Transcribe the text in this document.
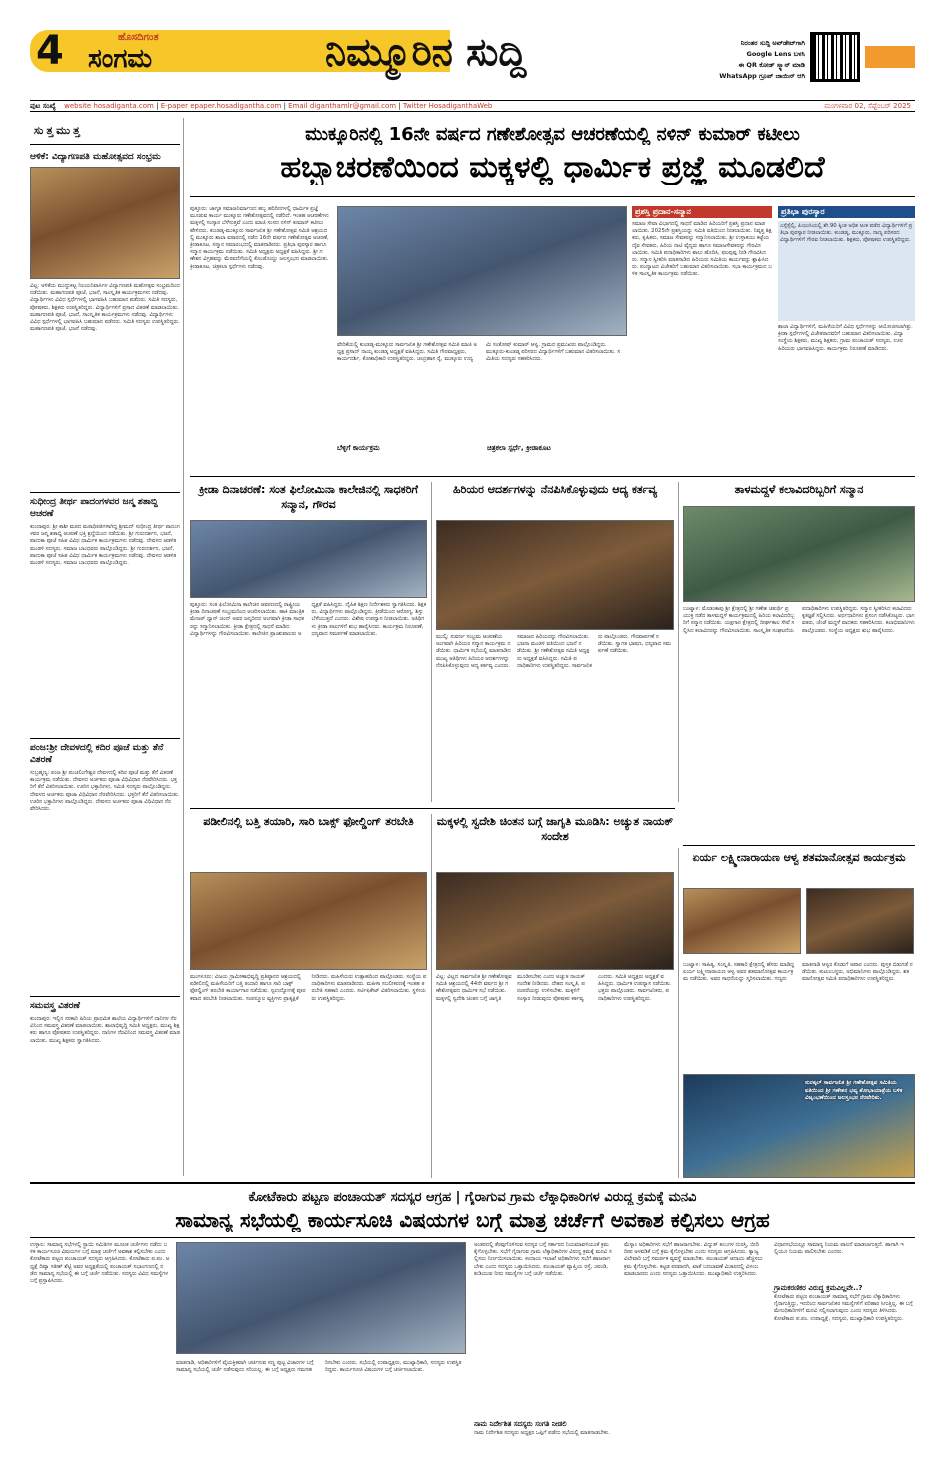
4	ಹೊಸದಿಗಂತ
ಸಂಗಮ	ನಿಮ್ಮೂರಿನ ಸುದ್ದಿ	ನಿರಂತರ ಸುದ್ದಿ ಅಪ್‌ಡೇಟ್‌ಗಾಗಿ
Google Lens ಬಳಸಿ
ಈ QR ಕೋಡ್ ಸ್ಕ್ಯಾನ್ ಮಾಡಿ
WhatsApp ಗ್ರೂಪ್ ಜಾಯಿನ್ ಆಗಿ
ಪುಟ ಸಂಖ್ಯೆ website hosadiganta.com | E-paper epaper.hosadigantha.com | Email diganthamlr@gmail.com | Twitter HosadiganthaWeb	ಮಂಗಳವಾರ 02, ಸೆಪ್ಟೆಂಬರ್ 2025
ಸುತ್ತಮುತ್ತ
ಆಳಿಕೆ: ವಿದ್ಯಾಗಣಪತಿ ಮಹೋತ್ಸವದ ಸಂಭ್ರಮ
ವಿಟ್ಲ: ಅಳಿಕೆಯ ಮುದ್ದುಕಟ್ಟ ನಿಲಯನಿವಾಸಿಗಳ ವಿದ್ಯಾಗಣಪತಿ ಮಹೋತ್ಸವ ಸಂಭ್ರಮದಿಂದ ನಡೆಯಿತು. ಮಹಾಗಣಪತಿ ಪೂಜೆ, ಭಜನೆ, ಸಾಂಸ್ಕೃತಿಕ ಕಾರ್ಯಕ್ರಮಗಳು ನಡೆದವು. ವಿದ್ಯಾರ್ಥಿಗಳು ವಿವಿಧ ಸ್ಪರ್ಧೆಗಳಲ್ಲಿ ಭಾಗವಹಿಸಿ ಬಹುಮಾನ ಪಡೆದರು. ಸಮಿತಿ ಸದಸ್ಯರು, ಪೋಷಕರು, ಶಿಕ್ಷಕರು ಉಪಸ್ಥಿತರಿದ್ದರು. ವಿದ್ಯಾರ್ಥಿಗಳಿಗೆ ಪ್ರಸಾದ ವಿತರಣೆ ಮಾಡಲಾಯಿತು. ಮಹಾಗಣಪತಿ ಪೂಜೆ, ಭಜನೆ, ಸಾಂಸ್ಕೃತಿಕ ಕಾರ್ಯಕ್ರಮಗಳು ನಡೆದವು. ವಿದ್ಯಾರ್ಥಿಗಳು ವಿವಿಧ ಸ್ಪರ್ಧೆಗಳಲ್ಲಿ ಭಾಗವಹಿಸಿ ಬಹುಮಾನ ಪಡೆದರು. ಸಮಿತಿ ಸದಸ್ಯರು ಉಪಸ್ಥಿತರಿದ್ದರು. ಮಹಾಗಣಪತಿ ಪೂಜೆ, ಭಜನೆ ನಡೆದವು.
ಸುಧೀಂದ್ರ ತೀರ್ಥ ಪಾದಂಗಳವರ ಜನ್ಮ ಶತಾಬ್ದಿ ಆಚರಣೆ
ಕುಂದಾಪುರ: ಶ್ರೀ ಕಾಶೀ ಮಠದ ಮಠಾಧಿಪತಿಗಳಾಗಿದ್ದ ಶ್ರೀಮದ್ ಸುಧೀಂದ್ರ ತೀರ್ಥ ಪಾದಂಗಳವರ ಜನ್ಮ ಶತಾಬ್ದಿ ಆಚರಣೆ ಭಕ್ತಿ ಶ್ರದ್ಧೆಯಿಂದ ನಡೆಯಿತು. ಶ್ರೀ ಗುರುದರ್ಶನ, ಭಜನೆ, ಪಾದುಕಾ ಪೂಜೆ ಸಹಿತ ವಿವಿಧ ಧಾರ್ಮಿಕ ಕಾರ್ಯಕ್ರಮಗಳು ನಡೆದವು. ದೇವಳದ ಆಡಳಿತ ಮಂಡಳಿ ಸದಸ್ಯರು, ಸಮಾಜ ಬಾಂಧವರು ಪಾಲ್ಗೊಂಡಿದ್ದರು. ಶ್ರೀ ಗುರುದರ್ಶನ, ಭಜನೆ, ಪಾದುಕಾ ಪೂಜೆ ಸಹಿತ ವಿವಿಧ ಧಾರ್ಮಿಕ ಕಾರ್ಯಕ್ರಮಗಳು ನಡೆದವು. ದೇವಳದ ಆಡಳಿತ ಮಂಡಳಿ ಸದಸ್ಯರು, ಸಮಾಜ ಬಾಂಧವರು ಪಾಲ್ಗೊಂಡಿದ್ದರು.
ಪಂಜ:ಶ್ರೀ ದೇವಳದಲ್ಲಿ ಕದಿರ ಪೂಜೆ ಮತ್ತು ತೆನೆ ವಿತರಣೆ
ಸುಬ್ರಹ್ಮಣ್ಯ: ಪಂಜ ಶ್ರೀ ಪಂಚಲಿಂಗೇಶ್ವರ ದೇವಳದಲ್ಲಿ ಕದಿರ ಪೂಜೆ ಮತ್ತು ತೆನೆ ವಿತರಣೆ ಕಾರ್ಯಕ್ರಮ ನಡೆಯಿತು. ದೇವಳದ ಅರ್ಚಕರು ಪೂಜಾ ವಿಧಿವಿಧಾನ ನೆರವೇರಿಸಿದರು. ಭಕ್ತರಿಗೆ ತೆನೆ ವಿತರಿಸಲಾಯಿತು. ಊರಿನ ಭಕ್ತಾದಿಗಳು, ಸಮಿತಿ ಸದಸ್ಯರು ಪಾಲ್ಗೊಂಡಿದ್ದರು. ದೇವಳದ ಅರ್ಚಕರು ಪೂಜಾ ವಿಧಿವಿಧಾನ ನೆರವೇರಿಸಿದರು. ಭಕ್ತರಿಗೆ ತೆನೆ ವಿತರಿಸಲಾಯಿತು. ಊರಿನ ಭಕ್ತಾದಿಗಳು ಪಾಲ್ಗೊಂಡಿದ್ದರು. ದೇವಳದ ಅರ್ಚಕರು ಪೂಜಾ ವಿಧಿವಿಧಾನ ನೆರವೇರಿಸಿದರು.
ಸಮವಸ್ತ್ರ ವಿತರಣೆ
ಕುಂದಾಪುರ: ಇಲ್ಲಿನ ಸರಕಾರಿ ಹಿರಿಯ ಪ್ರಾಥಮಿಕ ಶಾಲೆಯ ವಿದ್ಯಾರ್ಥಿಗಳಿಗೆ ದಾನಿಗಳ ನೆರವಿನಿಂದ ಸಮವಸ್ತ್ರ ವಿತರಣೆ ಮಾಡಲಾಯಿತು. ಶಾಲಾಭಿವೃದ್ಧಿ ಸಮಿತಿ ಅಧ್ಯಕ್ಷರು, ಮುಖ್ಯ ಶಿಕ್ಷಕರು ಹಾಗೂ ಪೋಷಕರು ಉಪಸ್ಥಿತರಿದ್ದರು. ದಾನಿಗಳ ನೆರವಿನಿಂದ ಸಮವಸ್ತ್ರ ವಿತರಣೆ ಮಾಡಲಾಯಿತು. ಮುಖ್ಯ ಶಿಕ್ಷಕರು ಸ್ವಾಗತಿಸಿದರು.
ಮುಕ್ಕೂರಿನಲ್ಲಿ 16ನೇ ವರ್ಷದ ಗಣೇಶೋತ್ಸವ ಆಚರಣೆಯಲ್ಲಿ ನಳಿನ್ ಕುಮಾರ್ ಕಟೀಲು
ಹಬ್ಬಾಚರಣೆಯಿಂದ ಮಕ್ಕಳಲ್ಲಿ ಧಾರ್ಮಿಕ ಪ್ರಜ್ಞೆ ಮೂಡಲಿದೆ
ಪುತ್ತೂರು: ಜಾಗೃತ ಸಮಾಜನಿರ್ಮಾಣದ ಹಬ್ಬ ಹರಿದಿನಗಳಲ್ಲಿ ಧಾರ್ಮಿಕ ಪ್ರಜ್ಞೆ ಮೂಡುವ ಕಾರ್ಯ ಮುಕ್ಕೂರು ಗಣೇಶೋತ್ಸವದಲ್ಲಿ ನಡೆದಿದೆ. ಇಂತಹ ಆಚರಣೆಗಳು ಮಕ್ಕಳಲ್ಲಿ ಸಂಸ್ಕಾರ ಬೆಳೆಸುತ್ತವೆ ಎಂದು ಮಾಜಿ ಸಂಸದ ನಳಿನ್ ಕುಮಾರ್ ಕಟೀಲು ಹೇಳಿದರು. ಕುಂಡಡ್ಕ-ಮುಕ್ಕೂರು ಸಾರ್ವಜನಿಕ ಶ್ರೀ ಗಣೇಶೋತ್ಸವ ಸಮಿತಿ ಆಶ್ರಯದಲ್ಲಿ ಮುಕ್ಕೂರು ಶಾಲಾ ವಠಾರದಲ್ಲಿ ನಡೆದ 16ನೇ ವರ್ಷದ ಗಣೇಶೋತ್ಸವ ಆಚರಣೆ, ಕ್ರೀಡಾಕೂಟ, ಸನ್ಮಾನ ಸಮಾರಂಭದಲ್ಲಿ ಮಾತನಾಡಿದರು. ಪ್ರತಿಭಾ ಪುರಸ್ಕಾರ ಹಾಗೂ ಸನ್ಮಾನ ಕಾರ್ಯಕ್ರಮ ನಡೆಯಿತು. ಸಮಿತಿ ಅಧ್ಯಕ್ಷರು ಅಧ್ಯಕ್ಷತೆ ವಹಿಸಿದ್ದರು. ಶ್ರೀ ಗಣೇಶನ ವಿಗ್ರಹವನ್ನು ಮೆರವಣಿಗೆಯಲ್ಲಿ ಕೊಂಡೊಯ್ದು ಜಲಸ್ತಂಭನ ಮಾಡಲಾಯಿತು. ಕ್ರೀಡಾಕೂಟ, ಚಿತ್ರಕಲಾ ಸ್ಪರ್ಧೆಗಳು ನಡೆದವು.
ವೇದಿಕೆಯಲ್ಲಿ ಕುಂಡಡ್ಕ-ಮುಕ್ಕೂರು ಸಾರ್ವಜನಿಕ ಶ್ರೀ ಗಣೇಶೋತ್ಸವ ಸಮಿತಿ ಮಾಜಿ ಅಧ್ಯಕ್ಷ ಪ್ರಸಾದ್ ನಾಯ್ಕ ಕುಂಡಡ್ಕ ಅಧ್ಯಕ್ಷತೆ ವಹಿಸಿದ್ದರು. ಸಮಿತಿ ಗೌರವಾಧ್ಯಕ್ಷರು, ಕಾರ್ಯದರ್ಶಿ, ಕೋಶಾಧಿಕಾರಿ ಉಪಸ್ಥಿತರಿದ್ದರು. ಚಂದ್ರಹಾಸ ರೈ, ಮುಕ್ಕೂರು ಉದ್ಯಮಿ ಸಂತೋಷ್ ಕುಮಾರ್ ಆಳ್ವ, ಗ್ರಾಮದ ಪ್ರಮುಖರು ಪಾಲ್ಗೊಂಡಿದ್ದರು. ಮುಕ್ಕೂರು-ಕುಂಡಡ್ಕ ಪರಿಸರದ ವಿದ್ಯಾರ್ಥಿಗಳಿಗೆ ಬಹುಮಾನ ವಿತರಿಸಲಾಯಿತು. ಸಮಿತಿಯ ಸದಸ್ಯರು ಸಹಕರಿಸಿದರು.
ಬೆಳ್ಳಿಗೆ ಕಾರ್ಯಕ್ರಮ	ಚಿತ್ರಕಲಾ ಸ್ಪರ್ಧೆ, ಕ್ರೀಡಾಕೂಟ
ಪ್ರಶಸ್ತಿ ಪ್ರದಾನ-ಸನ್ಮಾನ
ಸಮಾಜ ಸೇವಾ ವಿಭಾಗದಲ್ಲಿ ಸಾಧನೆ ಮಾಡಿದ ಹಿರಿಯರಿಗೆ ಪ್ರಶಸ್ತಿ ಪ್ರದಾನ ಮಾಡಲಾಯಿತು. 2025ನೇ ಪ್ರಶಸ್ತಿಯನ್ನು ಸಮಿತಿ ವತಿಯಿಂದ ನೀಡಲಾಯಿತು. ನಿವೃತ್ತ ಶಿಕ್ಷಕರು, ಕೃಷಿಕರು, ಸಮಾಜ ಸೇವಕರನ್ನು ಸನ್ಮಾನಿಸಲಾಯಿತು. ಶ್ರೀ ಉಳ್ಳಾಕುಲು ಕಟ್ಟೆಯ ದೈವ ಸೇವಕರು, ಹಿರಿಯ ನಾಟಿ ವೈದ್ಯರು ಹಾಗೂ ಸಮಾಜಸೇವಕರನ್ನು ಗೌರವಿಸಲಾಯಿತು. ಸಮಿತಿ ಪದಾಧಿಕಾರಿಗಳು ಶಾಲು ಹೊದಿಸಿ, ಫಲಪುಷ್ಪ ನೀಡಿ ಗೌರವಿಸಿದರು. ಸನ್ಮಾನ ಸ್ವೀಕರಿಸಿ ಮಾತನಾಡಿದ ಹಿರಿಯರು ಸಮಿತಿಯ ಕಾರ್ಯವನ್ನು ಶ್ಲಾಘಿಸಿದರು. ಪಂದ್ಯಾಟದ ವಿಜೇತರಿಗೆ ಬಹುಮಾನ ವಿತರಿಸಲಾಯಿತು. ಸಭಾ ಕಾರ್ಯಕ್ರಮದ ಬಳಿಕ ಸಾಂಸ್ಕೃತಿಕ ಕಾರ್ಯಕ್ರಮ ನಡೆಯಿತು.
ಪ್ರತಿಭಾ ಪುರಸ್ಕಾರ
ಎಸ್ಸೆಸ್ಸೆಲ್ಸಿ, ಪಿಯುಸಿಯಲ್ಲಿ ಶೇ.90 ಕ್ಕಿಂತ ಅಧಿಕ ಅಂಕ ಪಡೆದ ವಿದ್ಯಾರ್ಥಿಗಳಿಗೆ ಪ್ರತಿಭಾ ಪುರಸ್ಕಾರ ನೀಡಲಾಯಿತು. ಕುಂಡಡ್ಕ, ಮುಕ್ಕೂರು, ನಾಣ್ಯ ಪರಿಸರದ ವಿದ್ಯಾರ್ಥಿಗಳಿಗೆ ಗೌರವ ನೀಡಲಾಯಿತು. ಶಿಕ್ಷಕರು, ಪೋಷಕರು ಉಪಸ್ಥಿತರಿದ್ದರು.
ಶಾಲಾ ವಿದ್ಯಾರ್ಥಿಗಳಿಗೆ, ಮಹಿಳೆಯರಿಗೆ ವಿವಿಧ ಸ್ಪರ್ಧೆಗಳನ್ನು ಆಯೋಜಿಸಲಾಗಿತ್ತು. ಕ್ರೀಡಾ ಸ್ಪರ್ಧೆಗಳಲ್ಲಿ ವಿಜೇತರಾದವರಿಗೆ ಬಹುಮಾನ ವಿತರಿಸಲಾಯಿತು. ವಿದ್ಯಾ ಸಂಸ್ಥೆಯ ಶಿಕ್ಷಕರು, ಮುಖ್ಯ ಶಿಕ್ಷಕರು, ಗ್ರಾಮ ಪಂಚಾಯತ್ ಸದಸ್ಯರು, ಊರ ಹಿರಿಯರು ಭಾಗವಹಿಸಿದ್ದರು. ಕಾರ್ಯಕ್ರಮ ನಿರೂಪಣೆ ಮಾಡಿದರು.
ಕ್ರೀಡಾ ದಿನಾಚರಣೆ: ಸಂತ ಫಿಲೋಮಿನಾ ಕಾಲೇಜಿನಲ್ಲಿ ಸಾಧಕರಿಗೆ ಸನ್ಮಾನ, ಗೌರವ
ಪುತ್ತೂರು: ಸಂತ ಫಿಲೋಮಿನಾ ಕಾಲೇಜಿನ ಆವರಣದಲ್ಲಿ ರಾಷ್ಟ್ರೀಯ ಕ್ರೀಡಾ ದಿನಾಚರಣೆ ಸಂಭ್ರಮದಿಂದ ಆಚರಿಸಲಾಯಿತು. ಹಾಕಿ ಮಾಂತ್ರಿಕ ಮೇಜರ್ ಧ್ಯಾನ್ ಚಂದ್ ಅವರ ಜನ್ಮದಿನದ ಅಂಗವಾಗಿ ಕ್ರೀಡಾ ಸಾಧಕರನ್ನು ಸನ್ಮಾನಿಸಲಾಯಿತು. ಕ್ರೀಡಾ ಕ್ಷೇತ್ರದಲ್ಲಿ ಸಾಧನೆ ಮಾಡಿದ ವಿದ್ಯಾರ್ಥಿಗಳನ್ನು ಗೌರವಿಸಲಾಯಿತು. ಕಾಲೇಜಿನ ಪ್ರಾಂಶುಪಾಲರು ಅಧ್ಯಕ್ಷತೆ ವಹಿಸಿದ್ದರು. ದೈಹಿಕ ಶಿಕ್ಷಣ ನಿರ್ದೇಶಕರು ಸ್ವಾಗತಿಸಿದರು. ಶಿಕ್ಷಕರು, ವಿದ್ಯಾರ್ಥಿಗಳು ಪಾಲ್ಗೊಂಡಿದ್ದರು. ಕ್ರೀಡೆಯಿಂದ ಆರೋಗ್ಯ, ಶಿಸ್ತು ಬೆಳೆಯುತ್ತದೆ ಎಂದರು. ವಿಶೇಷ ಉಪನ್ಯಾಸ ನೀಡಲಾಯಿತು. ಅತಿಥಿಗಳು ಕ್ರೀಡಾ ಪಟುಗಳಿಗೆ ಶುಭ ಹಾರೈಸಿದರು. ಕಾರ್ಯಕ್ರಮ ನಿರೂಪಣೆ, ಧನ್ಯವಾದ ಸಮರ್ಪಣೆ ಮಾಡಲಾಯಿತು.
ಹಿರಿಯರ ಆದರ್ಶಗಳನ್ನು ನೆನಪಿಸಿಕೊಳ್ಳುವುದು ಆದ್ಯ ಕರ್ತವ್ಯ
ಮುಲ್ಕಿ: ಸುವರ್ಣ ಸಂಭ್ರಮ ಆಚರಣೆಯ ಅಂಗವಾಗಿ ಹಿರಿಯರ ಸನ್ಮಾನ ಕಾರ್ಯಕ್ರಮ ನಡೆಯಿತು. ಧಾರ್ಮಿಕ ಸಭೆಯಲ್ಲಿ ಮಾತನಾಡಿದ ಮುಖ್ಯ ಅತಿಥಿಗಳು ಹಿರಿಯರ ಆದರ್ಶಗಳನ್ನು ನೆನಪಿಸಿಕೊಳ್ಳುವುದು ಆದ್ಯ ಕರ್ತವ್ಯ ಎಂದರು. ಸಮಾಜದ ಹಿರಿಯರನ್ನು ಗೌರವಿಸಲಾಯಿತು. ಭಜನಾ ಮಂಡಳಿ ವತಿಯಿಂದ ಭಜನೆ ನಡೆಯಿತು. ಶ್ರೀ ಗಣೇಶೋತ್ಸವ ಸಮಿತಿ ಅಧ್ಯಕ್ಷರು ಅಧ್ಯಕ್ಷತೆ ವಹಿಸಿದ್ದರು. ಸಮಿತಿ ಪದಾಧಿಕಾರಿಗಳು ಉಪಸ್ಥಿತರಿದ್ದರು. ಸಾರ್ವಜನಿಕರು ಪಾಲ್ಗೊಂಡರು. ಗೌರವಾರ್ಪಣೆ ನಡೆಯಿತು. ಸ್ವಾಗತ ಭಾಷಣ, ಧನ್ಯವಾದ ಸಮರ್ಪಣೆ ನಡೆಯಿತು.
ತಾಳಮದ್ದಳೆ ಕಲಾವಿದರಿಬ್ಬರಿಗೆ ಸನ್ಮಾನ
ಬಂಟ್ವಾಳ: ಮೊಡಂಕಾಪು ಶ್ರೀ ಕ್ಷೇತ್ರದಲ್ಲಿ ಶ್ರೀ ಗಣೇಶ ಚತುರ್ಥಿ ಪ್ರಯುಕ್ತ ನಡೆದ ತಾಳಮದ್ದಳೆ ಕಾರ್ಯಕ್ರಮದಲ್ಲಿ ಹಿರಿಯ ಕಲಾವಿದರಿಬ್ಬರಿಗೆ ಸನ್ಮಾನ ನಡೆಯಿತು. ಯಕ್ಷಗಾನ ಕ್ಷೇತ್ರದಲ್ಲಿ ದೀರ್ಘಕಾಲ ಸೇವೆ ಸಲ್ಲಿಸಿದ ಕಲಾವಿದರನ್ನು ಗೌರವಿಸಲಾಯಿತು. ಸಾಂಸ್ಕೃತಿಕ ಸಂಘಟನೆಯ ಪದಾಧಿಕಾರಿಗಳು ಉಪಸ್ಥಿತರಿದ್ದರು. ಸನ್ಮಾನ ಸ್ವೀಕರಿಸಿದ ಕಲಾವಿದರು ಕೃತಜ್ಞತೆ ಸಲ್ಲಿಸಿದರು. ಅರ್ಥಧಾರಿಗಳು ಪ್ರಸಂಗ ನಡೆಸಿಕೊಟ್ಟರು. ಭಾಗವತರು, ಚೆಂಡೆ ಮದ್ದಳೆ ವಾದಕರು ಸಹಕರಿಸಿದರು. ಕಲಾಭಿಮಾನಿಗಳು ಪಾಲ್ಗೊಂಡರು. ಸಂಸ್ಥೆಯ ಅಧ್ಯಕ್ಷರು ಶುಭ ಹಾರೈಸಿದರು.
ಪಡೀಲಿನಲ್ಲಿ ಬತ್ತಿ ತಯಾರಿ, ಸಾರಿ ಬಾಕ್ಸ್ ಫೋಲ್ಡಿಂಗ್ ತರಬೇತಿ
ಮಂಗಳೂರು: ವಿಜಯ ಗ್ರಾಮೀಣಾಭಿವೃದ್ಧಿ ಪ್ರತಿಷ್ಠಾನದ ಆಶ್ರಯದಲ್ಲಿ ಪಡೀಲಿನಲ್ಲಿ ಮಹಿಳೆಯರಿಗೆ ಬತ್ತಿ ತಯಾರಿ ಹಾಗೂ ಸಾರಿ ಬಾಕ್ಸ್ ಫೋಲ್ಡಿಂಗ್ ತರಬೇತಿ ಕಾರ್ಯಾಗಾರ ನಡೆಯಿತು. ಸ್ವಉದ್ಯೋಗಕ್ಕೆ ಪೂರಕವಾದ ತರಬೇತಿ ನೀಡಲಾಯಿತು. ಸಂಪನ್ಮೂಲ ವ್ಯಕ್ತಿಗಳು ಪ್ರಾತ್ಯಕ್ಷಿಕೆ ನೀಡಿದರು. ಮಹಿಳೆಯರು ಉತ್ಸಾಹದಿಂದ ಪಾಲ್ಗೊಂಡರು. ಸಂಸ್ಥೆಯ ಪದಾಧಿಕಾರಿಗಳು ಮಾತನಾಡಿದರು. ಮಹಿಳಾ ಸಬಲೀಕರಣಕ್ಕೆ ಇಂತಹ ತರಬೇತಿ ಸಹಕಾರಿ ಎಂದರು. ಸರ್ಟಿಫಿಕೇಟ್ ವಿತರಿಸಲಾಯಿತು. ಸ್ಥಳೀಯರು ಉಪಸ್ಥಿತರಿದ್ದರು.
ಮಕ್ಕಳಲ್ಲಿ ಸ್ವದೇಶಿ ಚಿಂತನ ಬಗ್ಗೆ ಜಾಗೃತಿ ಮೂಡಿಸಿ: ಅಚ್ಯುತ ನಾಯಕ್ ಸಂದೇಶ
ವಿಟ್ಲ: ವಿಟ್ಲದ ಸಾರ್ವಜನಿಕ ಶ್ರೀ ಗಣೇಶೋತ್ಸವ ಸಮಿತಿ ಆಶ್ರಯದಲ್ಲಿ 44ನೇ ವರ್ಷದ ಶ್ರೀ ಗಣೇಶೋತ್ಸವದ ಧಾರ್ಮಿಕ ಸಭೆ ನಡೆಯಿತು. ಮಕ್ಕಳಲ್ಲಿ ಸ್ವದೇಶಿ ಚಿಂತನ ಬಗ್ಗೆ ಜಾಗೃತಿ ಮೂಡಿಸಬೇಕು ಎಂದು ಅಚ್ಯುತ ನಾಯಕ್ ಸಂದೇಶ ನೀಡಿದರು. ದೇಶದ ಸಂಸ್ಕೃತಿ, ಪರಂಪರೆಯನ್ನು ಉಳಿಸಬೇಕು. ಮಕ್ಕಳಿಗೆ ಸಂಸ್ಕಾರ ನೀಡುವುದು ಪೋಷಕರ ಕರ್ತವ್ಯ ಎಂದರು. ಸಮಿತಿ ಅಧ್ಯಕ್ಷರು ಅಧ್ಯಕ್ಷತೆ ವಹಿಸಿದ್ದರು. ಧಾರ್ಮಿಕ ಉಪನ್ಯಾಸ ನಡೆಯಿತು. ಭಕ್ತರು ಪಾಲ್ಗೊಂಡರು. ಸಾರ್ವಜನಿಕರು, ಪದಾಧಿಕಾರಿಗಳು ಉಪಸ್ಥಿತರಿದ್ದರು.
ಏರ್ಯ ಲಕ್ಷ್ಮೀನಾರಾಯಣ ಆಳ್ವ ಶತಮಾನೋತ್ಸವ ಕಾರ್ಯಕ್ರಮ

ಬಂಟ್ವಾಳ: ಸಾಹಿತ್ಯ, ಸಂಸ್ಕೃತಿ, ಸಹಕಾರಿ ಕ್ಷೇತ್ರದಲ್ಲಿ ಹೆಸರು ಮಾಡಿದ್ದ ಏರ್ಯ ಲಕ್ಷ್ಮೀನಾರಾಯಣ ಆಳ್ವ ಅವರ ಶತಮಾನೋತ್ಸವ ಕಾರ್ಯಕ್ರಮ ನಡೆಯಿತು. ಅವರ ಸಾಧನೆಯನ್ನು ಸ್ಮರಿಸಲಾಯಿತು. ಗಣ್ಯರು ಮಾತನಾಡಿ ಆಳ್ವರ ಕೊಡುಗೆ ಅಪಾರ ಎಂದರು. ಪುಸ್ತಕ ಬಿಡುಗಡೆ ನಡೆಯಿತು. ಕುಟುಂಬಸ್ಥರು, ಅಭಿಮಾನಿಗಳು ಪಾಲ್ಗೊಂಡಿದ್ದರು. ಶತಮಾನೋತ್ಸವ ಸಮಿತಿ ಪದಾಧಿಕಾರಿಗಳು ಉಪಸ್ಥಿತರಿದ್ದರು.
ಸುರತ್ಕಲ್ ಸಾರ್ವಜನಿಕ ಶ್ರೀ ಗಣೇಶೋತ್ಸವ ಸಮಿತಿಯ ವತಿಯಿಂದ ಶ್ರೀ ಗಣೇಶನ ಭವ್ಯ ಶೋಭಾಯಾತ್ರೆಯ ಬಳಿಕ ವಿಜೃಂಭಣೆಯಿಂದ ಜಲಸ್ತಂಭನ ನೆರವೇರಿತು.
ಕೋಟೆಕಾರು ಪಟ್ಟಣ ಪಂಚಾಯತ್ ಸದಸ್ಯರ ಆಗ್ರಹ | ಗೈರಾಗುವ ಗ್ರಾಮ ಲೆಕ್ಕಾಧಿಕಾರಿಗಳ ವಿರುದ್ಧ ಕ್ರಮಕ್ಕೆ ಮನವಿ
ಸಾಮಾನ್ಯ ಸಭೆಯಲ್ಲಿ ಕಾರ್ಯಸೂಚಿ ವಿಷಯಗಳ ಬಗ್ಗೆ ಮಾತ್ರ ಚರ್ಚೆಗೆ ಅವಕಾಶ ಕಲ್ಪಿಸಲು ಆಗ್ರಹ
ಉಳ್ಳಾಲ: ಸಾಮಾನ್ಯ ಸಭೆಗಳಲ್ಲಿ ಸ್ಥಾಯಿ ಸಮಿತಿಗಳ ಮೂಲಕ ಚರ್ಚೆಗಳು ನಡೆದು ಬಳಿಕ ಕಾರ್ಯಸೂಚಿ ವಿಷಯಗಳ ಬಗ್ಗೆ ಮಾತ್ರ ಚರ್ಚೆಗೆ ಅವಕಾಶ ಕಲ್ಪಿಸಬೇಕು ಎಂದು ಕೋಟೆಕಾರು ಪಟ್ಟಣ ಪಂಚಾಯತ್ ಸದಸ್ಯರು ಆಗ್ರಹಿಸಿದರು. ಕೋಟೆಕಾರು ಪ.ಪಂ. ಅಧ್ಯಕ್ಷೆ ದಿವ್ಯಾ ಸತೀಶ್ ಶೆಟ್ಟಿ ಅವರ ಅಧ್ಯಕ್ಷತೆಯಲ್ಲಿ ಪಂಚಾಯತ್ ಸಭಾಂಗಣದಲ್ಲಿ ನಡೆದ ಸಾಮಾನ್ಯ ಸಭೆಯಲ್ಲಿ ಈ ಬಗ್ಗೆ ಚರ್ಚೆ ನಡೆಯಿತು. ಸದಸ್ಯರು ವಿವಿಧ ಸಮಸ್ಯೆಗಳ ಬಗ್ಗೆ ಪ್ರಸ್ತಾಪಿಸಿದರು.
ಮಾತನಾಡಿ, ಅಧಿಕಾರಿಗಳಿಗೆ ವೈಯಕ್ತಿಕವಾಗಿ ಚರ್ಚಿಸುವ ಸಣ್ಣ ಪುಟ್ಟ ವಿಚಾರಗಳ ಬಗ್ಗೆ ಸಾಮಾನ್ಯ ಸಭೆಯಲ್ಲಿ ಚರ್ಚೆ ನಡೆಸುವುದು ಸರಿಯಲ್ಲ. ಈ ಬಗ್ಗೆ ಅಧ್ಯಕ್ಷರು ಗಮನಹರಿಸಬೇಕು ಎಂದರು. ಸಭೆಯಲ್ಲಿ ಉಪಾಧ್ಯಕ್ಷರು, ಮುಖ್ಯಾಧಿಕಾರಿ, ಸದಸ್ಯರು ಉಪಸ್ಥಿತರಿದ್ದರು. ಕಾರ್ಯಸೂಚಿ ವಿಷಯಗಳ ಬಗ್ಗೆ ಚರ್ಚಿಸಲಾಯಿತು.
ಅಂತರದಲ್ಲಿ ತೆರವುಗೊಳಿಸುವ ಸದಸ್ಯರ ಬಗ್ಗೆ ಸರ್ಕಾರದ ನಿಯಮಾವಳಿಯಂತೆ ಕ್ರಮ ಕೈಗೊಳ್ಳಬೇಕು. ಸಭೆಗೆ ಗೈರಾಗುವ ಗ್ರಾಮ ಲೆಕ್ಕಾಧಿಕಾರಿಗಳ ವಿರುದ್ಧ ಕ್ರಮಕ್ಕೆ ಮನವಿ ಸಲ್ಲಿಸಲು ನಿರ್ಣಯಿಸಲಾಯಿತು. ಕಂದಾಯ ಇಲಾಖೆ ಅಧಿಕಾರಿಗಳು ಸಭೆಗೆ ಹಾಜರಾಗಬೇಕು ಎಂದು ಸದಸ್ಯರು ಒತ್ತಾಯಿಸಿದರು. ಪಂಚಾಯತ್ ವ್ಯಾಪ್ತಿಯ ರಸ್ತೆ, ಚರಂಡಿ, ಕುಡಿಯುವ ನೀರು ಸಮಸ್ಯೆಗಳ ಬಗ್ಗೆ ಚರ್ಚೆ ನಡೆಯಿತು.
ನಾಮ ನಿರ್ದೇಶಿತ ಸದಸ್ಯರು ಸಂಗತಿ ನೀಡಲಿ
ನಾಮ ನಿರ್ದೇಶಿತ ಸದಸ್ಯರು ಅಧ್ಯಕ್ಷರ ಒಪ್ಪಿಗೆ ಪಡೆದು ಸಭೆಯಲ್ಲಿ ಮಾತನಾಡಬೇಕು.
ಮೆಸ್ಕಾಂ ಅಧಿಕಾರಿಗಳು ಸಭೆಗೆ ಹಾಜರಾಗಬೇಕು. ವಿದ್ಯುತ್ ಕಂಬಗಳ ದುರಸ್ತಿ, ಬೀದಿ ದೀಪ ಅಳವಡಿಕೆ ಬಗ್ಗೆ ಕ್ರಮ ಕೈಗೊಳ್ಳಬೇಕು ಎಂದು ಸದಸ್ಯರು ಆಗ್ರಹಿಸಿದರು. ತ್ಯಾಜ್ಯ ವಿಲೇವಾರಿ ಬಗ್ಗೆ ಸಮರ್ಪಕ ವ್ಯವಸ್ಥೆ ಮಾಡಬೇಕು. ಪಂಚಾಯತ್ ಆದಾಯ ಹೆಚ್ಚಿಸಲು ಕ್ರಮ ಕೈಗೊಳ್ಳಬೇಕು. ಕಟ್ಟಡ ಪರವಾನಗಿ, ಖಾತೆ ಬದಲಾವಣೆ ವಿಚಾರದಲ್ಲಿ ವಿಳಂಬ ಮಾಡಬಾರದು ಎಂದು ಸದಸ್ಯರು ಒತ್ತಾಯಿಸಿದರು. ಮುಖ್ಯಾಧಿಕಾರಿ ಉತ್ತರಿಸಿದರು.
ವಿಧಾನಸಭೆಯಲ್ಲೂ ಸಾಮಾನ್ಯ ನಿಯಮ ಪಾಲನೆ ಮಾಡಲಾಗುತ್ತದೆ. ಹಾಗಾಗಿ ಇಲ್ಲಿಯೂ ನಿಯಮ ಪಾಲಿಸಬೇಕು ಎಂದರು.
ಗ್ರಾಮಕರಣಿಕರ ವಿರುದ್ಧ ಕ್ರಮವಿಲ್ಲವೇ..?
ಕೋಟೆಕಾರು ಪಟ್ಟಣ ಪಂಚಾಯತ್ ಸಾಮಾನ್ಯ ಸಭೆಗೆ ಗ್ರಾಮ ಲೆಕ್ಕಾಧಿಕಾರಿಗಳು ಗೈರಾಗುತ್ತಿದ್ದು, ಇದರಿಂದ ಸಾರ್ವಜನಿಕರ ಸಮಸ್ಯೆಗಳಿಗೆ ಪರಿಹಾರ ಸಿಗುತ್ತಿಲ್ಲ. ಈ ಬಗ್ಗೆ ಮೇಲಧಿಕಾರಿಗಳಿಗೆ ಮನವಿ ಸಲ್ಲಿಸಲಾಗುವುದು ಎಂದು ಸದಸ್ಯರು ತಿಳಿಸಿದರು. ಕೋಟೆಕಾರು ಪ.ಪಂ. ಉಪಾಧ್ಯಕ್ಷೆ, ಸದಸ್ಯರು, ಮುಖ್ಯಾಧಿಕಾರಿ ಉಪಸ್ಥಿತರಿದ್ದರು.
